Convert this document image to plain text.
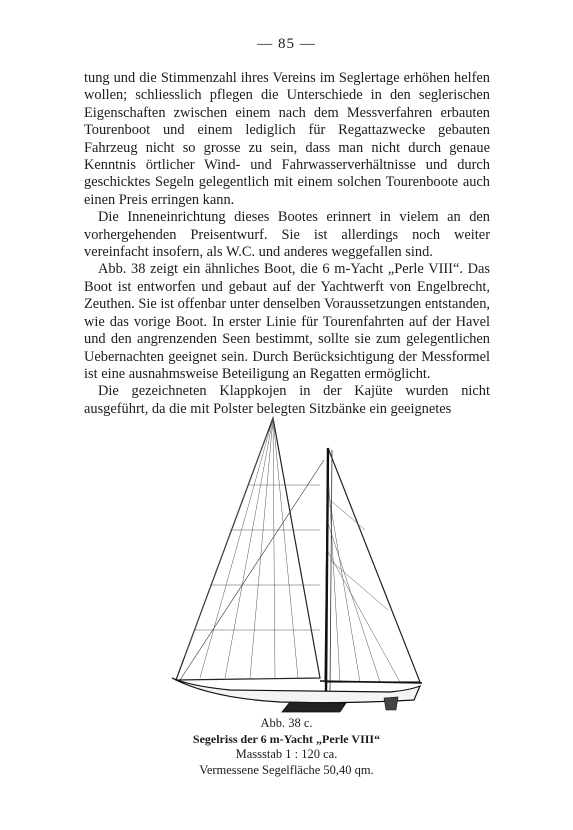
— 85 —

tung und die Stimmenzahl ihres Vereins im Seglertage erhöhen helfen wollen; schliesslich pflegen die Unterschiede in den seglerischen Eigenschaften zwischen einem nach dem Messverfahren erbauten Tourenboot und einem lediglich für Regattazwecke gebauten Fahrzeug nicht so grosse zu sein, dass man nicht durch genaue Kenntnis örtlicher Wind- und Fahrwasserverhältnisse und durch geschicktes Segeln gelegentlich mit einem solchen Tourenboote auch einen Preis erringen kann.

Die Inneneinrichtung dieses Bootes erinnert in vielem an den vorhergehenden Preisentwurf. Sie ist allerdings noch weiter vereinfacht insofern, als W.C. und anderes weggefallen sind.

Abb. 38 zeigt ein ähnliches Boot, die 6 m-Yacht „Perle VIII“. Das Boot ist entworfen und gebaut auf der Yachtwerft von Engelbrecht, Zeuthen. Sie ist offenbar unter denselben Voraussetzungen entstanden, wie das vorige Boot. In erster Linie für Tourenfahrten auf der Havel und den angrenzenden Seen bestimmt, sollte sie zum gelegentlichen Uebernachten geeignet sein. Durch Berücksichtigung der Messformel ist eine ausnahmsweise Beteiligung an Regatten ermöglicht.

Die gezeichneten Klappkojen in der Kajüte wurden nicht ausgeführt, da die mit Polster belegten Sitzbänke ein geeignetes

Abb. 38 c.
Segelriss der 6 m-Yacht „Perle VIII“
Massstab 1 : 120 ca.
Vermessene Segelfläche 50,40 qm.
